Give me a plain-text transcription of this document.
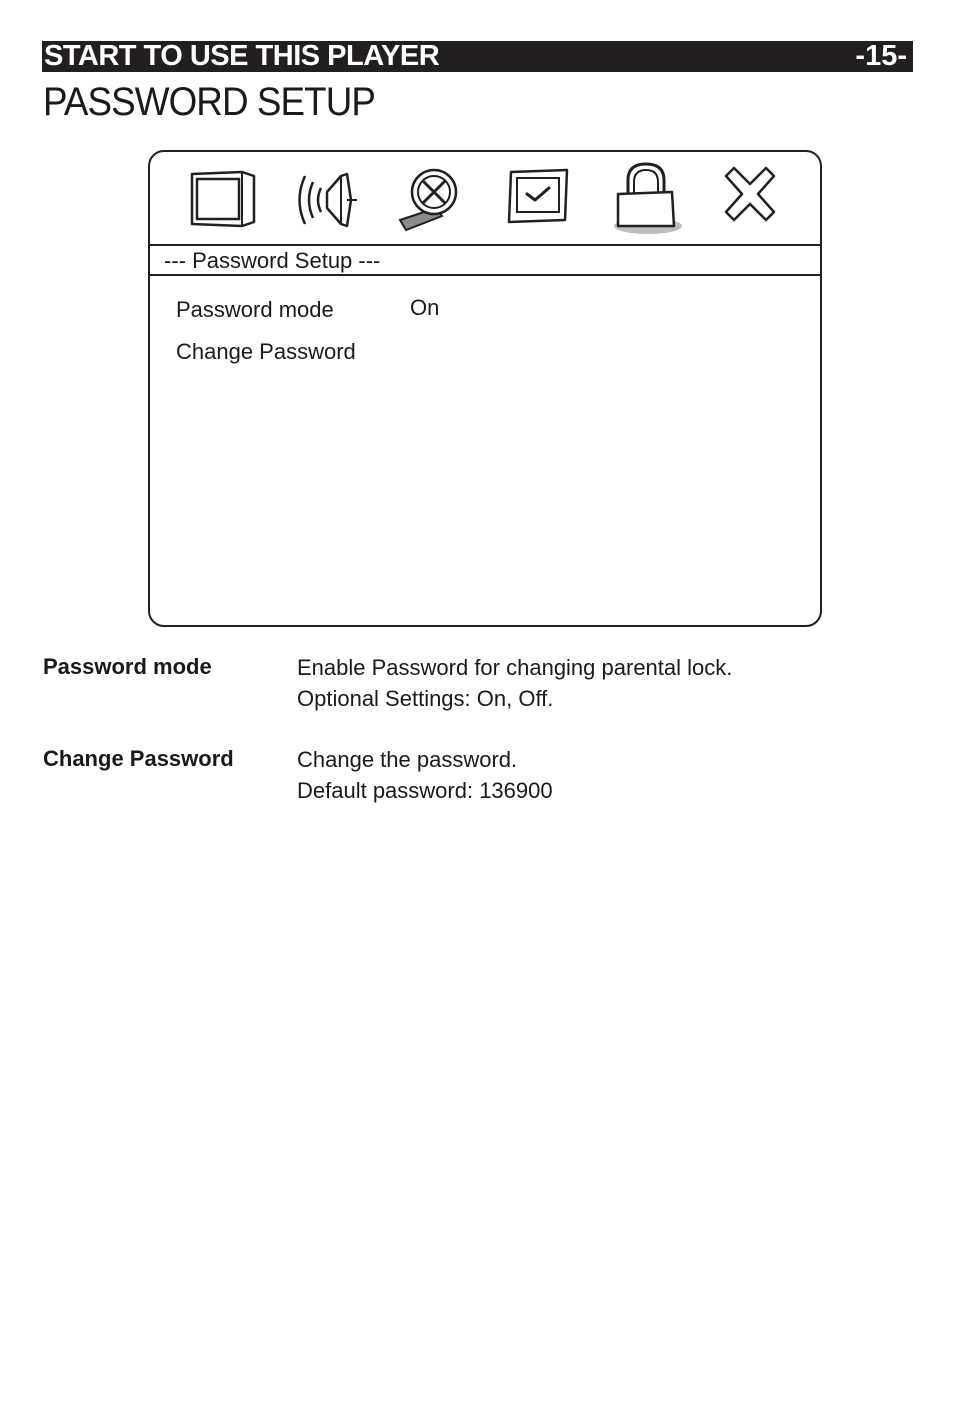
START TO USE THIS PLAYER	-15-
PASSWORD SETUP
--- Password Setup ---
Password mode	On
Change Password
Password mode	Enable Password for changing parental lock.
Optional Settings: On, Off.
Change Password	Change the password.
Default password: 136900
